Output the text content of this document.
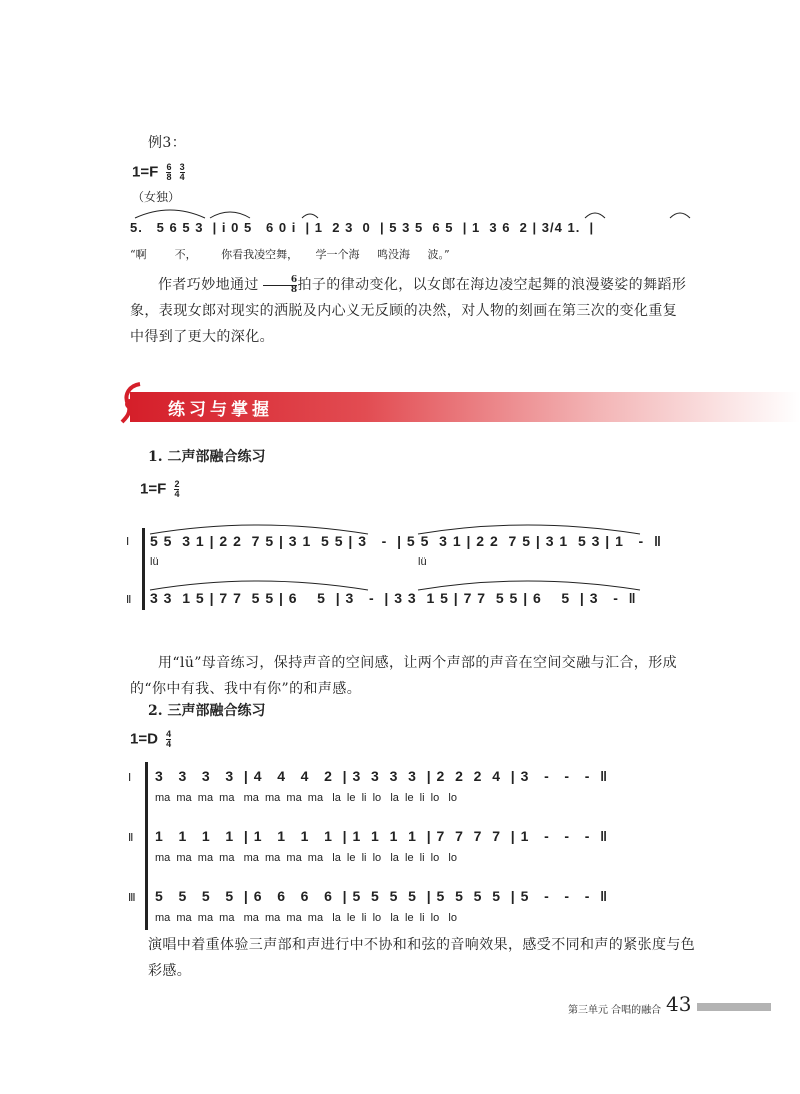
例3：
$1=F \frac{6}{8}$
$\frac{3}{4}$
（女独）
5.   5 6 5 3  | i 0 5   6 0 i  | 1  2 3  0  | 5 3 5  6 5  | 1  3 6  2 | 3/4 1.  |
“啊        不，       你看我凌空舞，     学一个海     鸣没海     波。”
作者巧妙地通过 $\frac{6}{8}$ 拍子的律动变化，以女郎在海边凌空起舞的浪漫婆娑的舞蹈形象，表现女郎对现实的洒脱及内心义无反顾的决然，对人物的刻画在第三次的变化重复中得到了更大的深化。
练习与掌握
1. 二声部融合练习
$1=F \frac{2}{4}$
Ⅰ 5 5  3 1 | 2 2  7 5 | 3 1  5 5 | 3   -  | 5 5  3 1 | 2 2  7 5 | 3 1  5 3 | 1   -  ‖
lü	lü
Ⅱ 3 3  1 5 | 7 7  5 5 | 6    5  | 3   -  | 3 3  1 5 | 7 7  5 5 | 6    5  | 3   -  ‖
用“lü”母音练习，保持声音的空间感，让两个声部的声音在空间交融与汇合，形成的“你中有我、我中有你”的和声感。
2. 三声部融合练习
$1=D \frac{4}{4}$
Ⅰ 3   3   3   3  | 4   4   4   2  | 3  3  3  3  | 2  2  2  4  | 3   -   -   -  ‖
ma  ma  ma  ma   ma  ma  ma  ma   la  le  li  lo   la  le  li  lo   lo
Ⅱ 1   1   1   1  | 1   1   1   1  | 1  1  1  1  | 7  7  7  7  | 1   -   -   -  ‖
ma  ma  ma  ma   ma  ma  ma  ma   la  le  li  lo   la  le  li  lo   lo
Ⅲ 5   5   5   5  | 6   6   6   6  | 5  5  5  5  | 5  5  5  5  | 5   -   -   -  ‖
ma  ma  ma  ma   ma  ma  ma  ma   la  le  li  lo   la  le  li  lo   lo
演唱中着重体验三声部和声进行中不协和和弦的音响效果，感受不同和声的紧张度与色彩感。
第三单元 合唱的融合 43
